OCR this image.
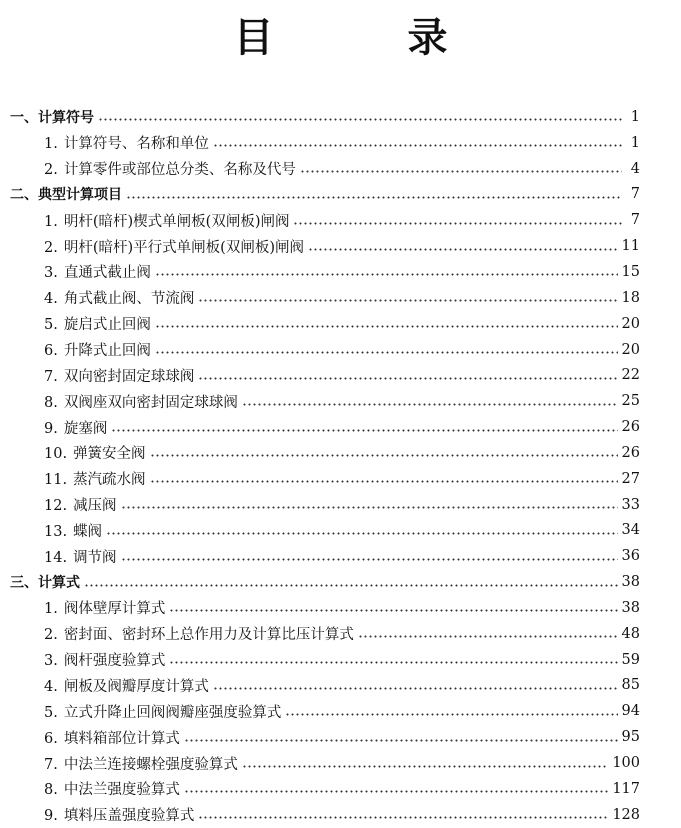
目 录
一、计算符号	1
1. 计算符号、名称和单位	1
2. 计算零件或部位总分类、名称及代号	4
二、典型计算项目	7
1. 明杆(暗杆)楔式单闸板(双闸板)闸阀	7
2. 明杆(暗杆)平行式单闸板(双闸板)闸阀	11
3. 直通式截止阀	15
4. 角式截止阀、节流阀	18
5. 旋启式止回阀	20
6. 升降式止回阀	20
7. 双向密封固定球球阀	22
8. 双阀座双向密封固定球球阀	25
9. 旋塞阀	26
10. 弹簧安全阀	26
11. 蒸汽疏水阀	27
12. 减压阀	33
13. 蝶阀	34
14. 调节阀	36
三、计算式	38
1. 阀体壁厚计算式	38
2. 密封面、密封环上总作用力及计算比压计算式	48
3. 阀杆强度验算式	59
4. 闸板及阀瓣厚度计算式	85
5. 立式升降止回阀阀瓣座强度验算式	94
6. 填料箱部位计算式	95
7. 中法兰连接螺栓强度验算式	100
8. 中法兰强度验算式	117
9. 填料压盖强度验算式	128
